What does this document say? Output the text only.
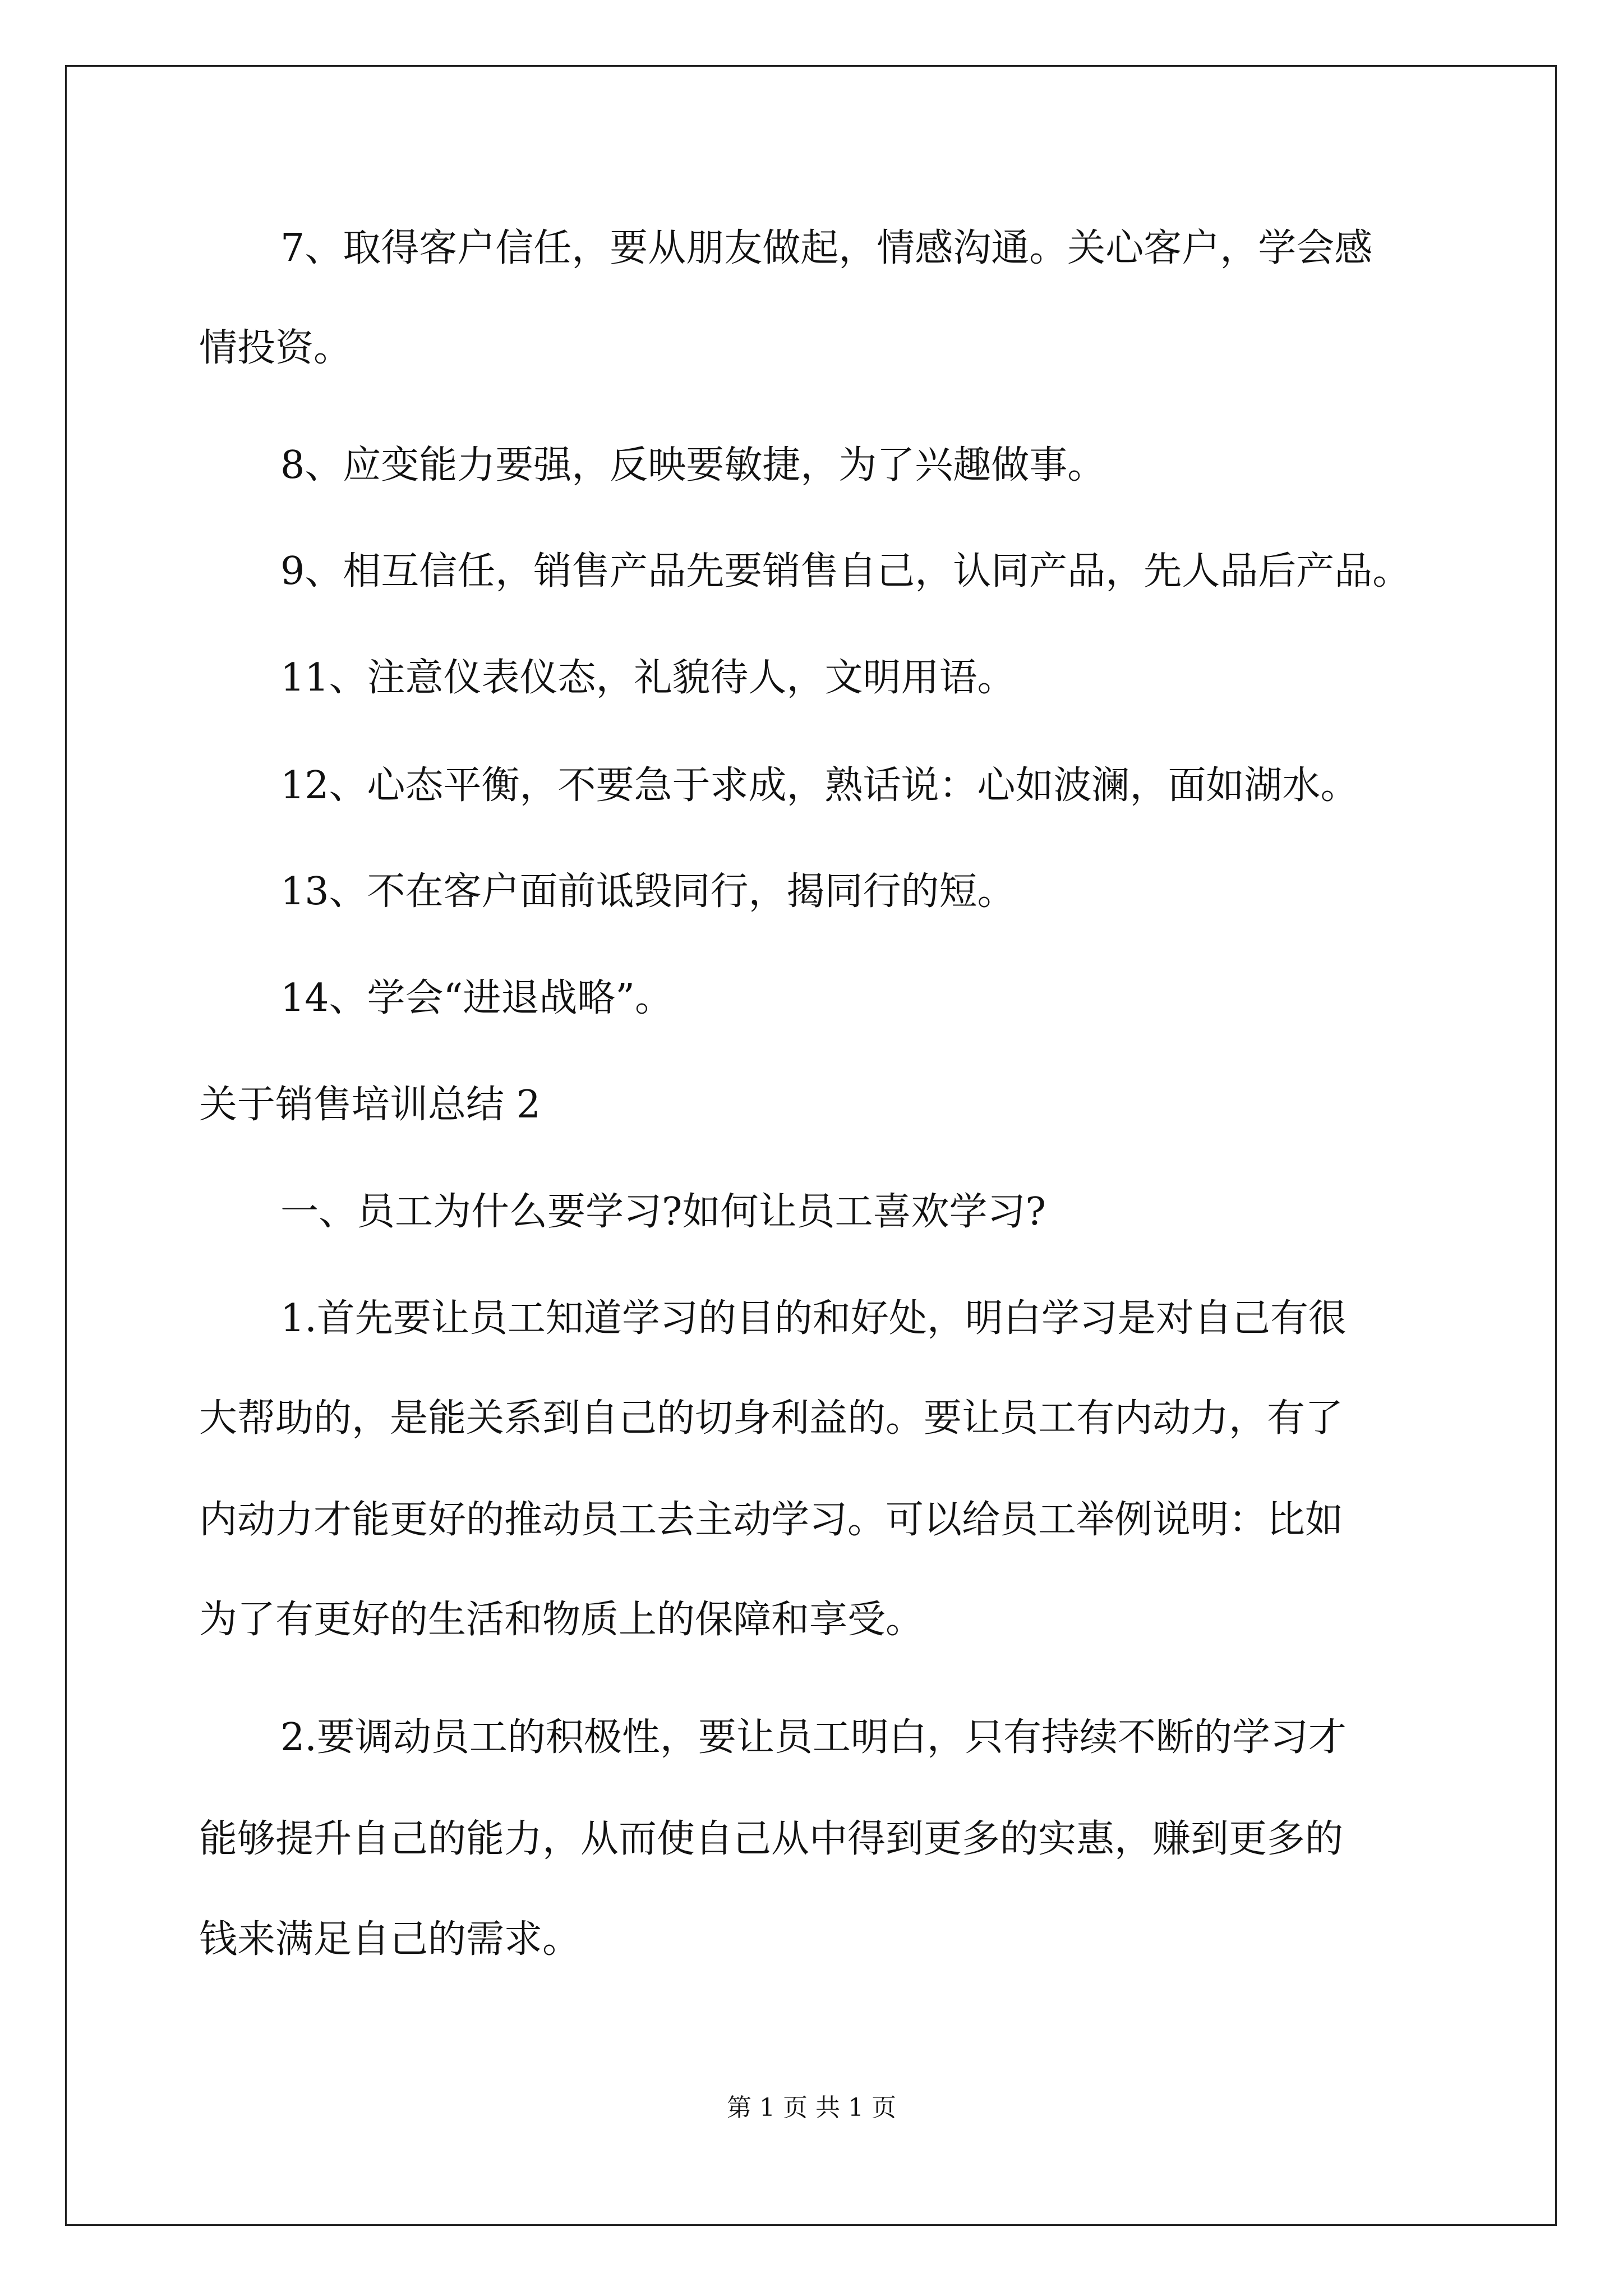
7、取得客户信任，要从朋友做起，情感沟通。关心客户，学会感
情投资。
8、应变能力要强，反映要敏捷，为了兴趣做事。
9、相互信任，销售产品先要销售自己，认同产品，先人品后产品。
11、注意仪表仪态，礼貌待人，文明用语。
12、心态平衡，不要急于求成，熟话说：心如波澜，面如湖水。
13、不在客户面前诋毁同行，揭同行的短。
14、学会“进退战略”。
关于销售培训总结 2
一、员工为什么要学习?如何让员工喜欢学习?
1.首先要让员工知道学习的目的和好处，明白学习是对自己有很
大帮助的，是能关系到自己的切身利益的。要让员工有内动力，有了
内动力才能更好的推动员工去主动学习。可以给员工举例说明：比如
为了有更好的生活和物质上的保障和享受。
2.要调动员工的积极性，要让员工明白，只有持续不断的学习才
能够提升自己的能力，从而使自己从中得到更多的实惠，赚到更多的
钱来满足自己的需求。
第 1 页 共 1 页
